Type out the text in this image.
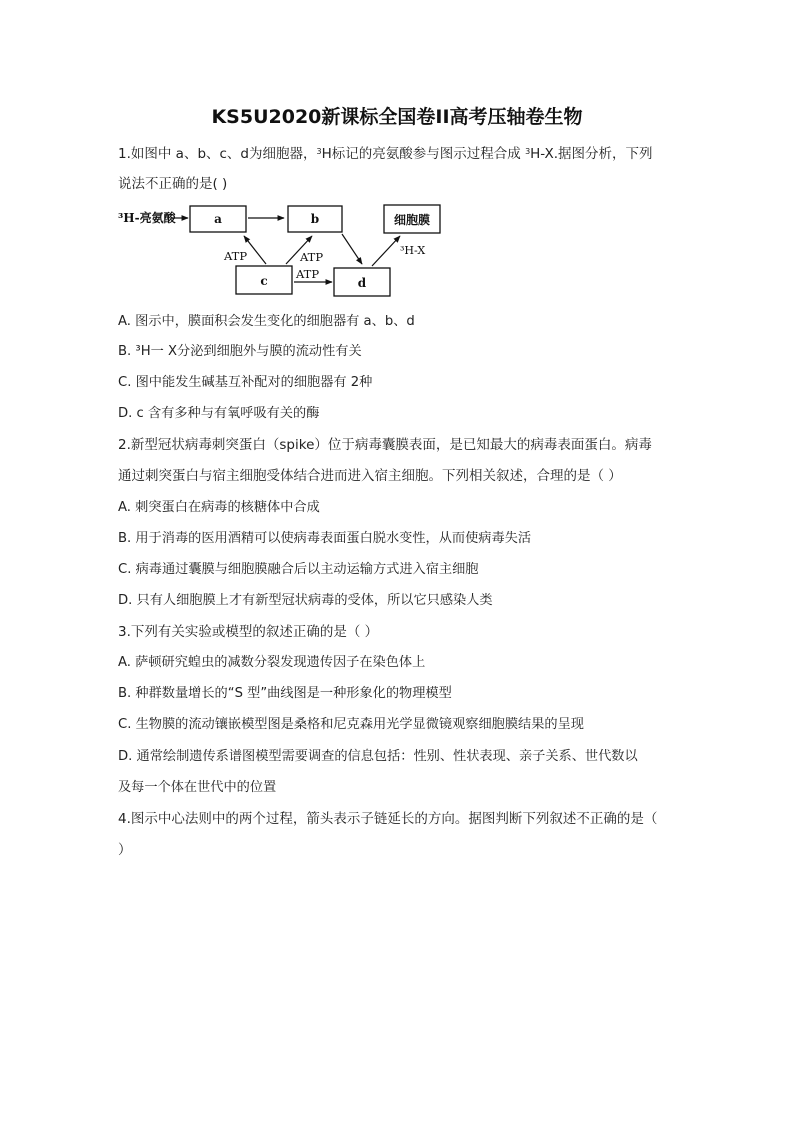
KS5U2020新课标全国卷II高考压轴卷生物
1.如图中 a、b、c、d为细胞器，$^3$H标记的亮氨酸参与图示过程合成 $^3$H-X.据图分析，下列
说法不正确的是( )
³H-亮氨酸	a	b	细胞膜
c	d
ATP	ATP
ATP
³H-X
A. 图示中，膜面积会发生变化的细胞器有 a、b、d
B. ³H一 X分泌到细胞外与膜的流动性有关
C. 图中能发生碱基互补配对的细胞器有 2种
D. c 含有多种与有氧呼吸有关的酶
2.新型冠状病毒刺突蛋白（spike）位于病毒囊膜表面，是已知最大的病毒表面蛋白。病毒
通过刺突蛋白与宿主细胞受体结合进而进入宿主细胞。下列相关叙述，合理的是（ ）
A. 刺突蛋白在病毒的核糖体中合成
B. 用于消毒的医用酒精可以使病毒表面蛋白脱水变性，从而使病毒失活
C. 病毒通过囊膜与细胞膜融合后以主动运输方式进入宿主细胞
D. 只有人细胞膜上才有新型冠状病毒的受体，所以它只感染人类
3.下列有关实验或模型的叙述正确的是（ ）
A. 萨顿研究蝗虫的减数分裂发现遗传因子在染色体上
B. 种群数量增长的“S 型”曲线图是一种形象化的物理模型
C. 生物膜的流动镶嵌模型图是桑格和尼克森用光学显微镜观察细胞膜结果的呈现
D. 通常绘制遗传系谱图模型需要调查的信息包括：性别、性状表现、亲子关系、世代数以
及每一个体在世代中的位置
4.图示中心法则中的两个过程，箭头表示子链延长的方向。据图判断下列叙述不正确的是（
）
